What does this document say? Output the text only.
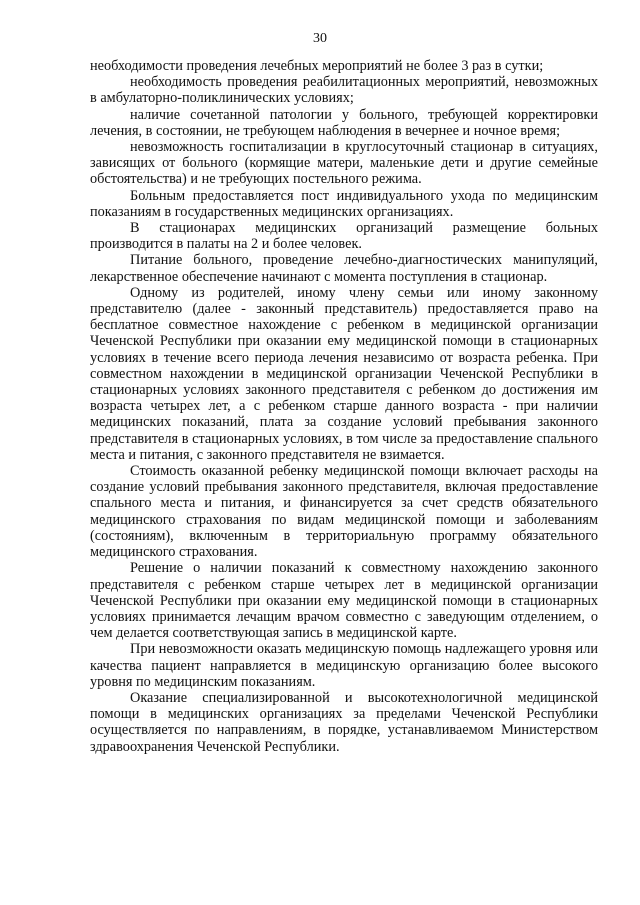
30

необходимости проведения лечебных мероприятий не более 3 раз в сутки;

необходимость проведения реабилитационных мероприятий, невозможных в амбулаторно-поликлинических условиях;

наличие сочетанной патологии у больного, требующей корректировки лечения, в состоянии, не требующем наблюдения в вечернее и ночное время;

невозможность госпитализации в круглосуточный стационар в ситуациях, зависящих от больного (кормящие матери, маленькие дети и другие семейные обстоятельства) и не требующих постельного режима.

Больным предоставляется пост индивидуального ухода по медицинским показаниям в государственных медицинских организациях.

В стационарах медицинских организаций размещение больных производится в палаты на 2 и более человек.

Питание больного, проведение лечебно-диагностических манипуляций, лекарственное обеспечение начинают с момента поступления в стационар.

Одному из родителей, иному члену семьи или иному законному представителю (далее - законный представитель) предоставляется право на бесплатное совместное нахождение с ребенком в медицинской организации Чеченской Республики при оказании ему медицинской помощи в стационарных условиях в течение всего периода лечения независимо от возраста ребенка. При совместном нахождении в медицинской организации Чеченской Республики в стационарных условиях законного представителя с ребенком до достижения им возраста четырех лет, а с ребенком старше данного возраста - при наличии медицинских показаний, плата за создание условий пребывания законного представителя в стационарных условиях, в том числе за предоставление спального места и питания, с законного представителя не взимается.

Стоимость оказанной ребенку медицинской помощи включает расходы на создание условий пребывания законного представителя, включая предоставление спального места и питания, и финансируется за счет средств обязательного медицинского страхования по видам медицинской помощи и заболеваниям (состояниям), включенным в территориальную программу обязательного медицинского страхования.

Решение о наличии показаний к совместному нахождению законного представителя с ребенком старше четырех лет в медицинской организации Чеченской Республики при оказании ему медицинской помощи в стационарных условиях принимается лечащим врачом совместно с заведующим отделением, о чем делается соответствующая запись в медицинской карте.

При невозможности оказать медицинскую помощь надлежащего уровня или качества пациент направляется в медицинскую организацию более высокого уровня по медицинским показаниям.

Оказание специализированной и высокотехнологичной медицинской помощи в медицинских организациях за пределами Чеченской Республики осуществляется по направлениям, в порядке, устанавливаемом Министерством здравоохранения Чеченской Республики.
